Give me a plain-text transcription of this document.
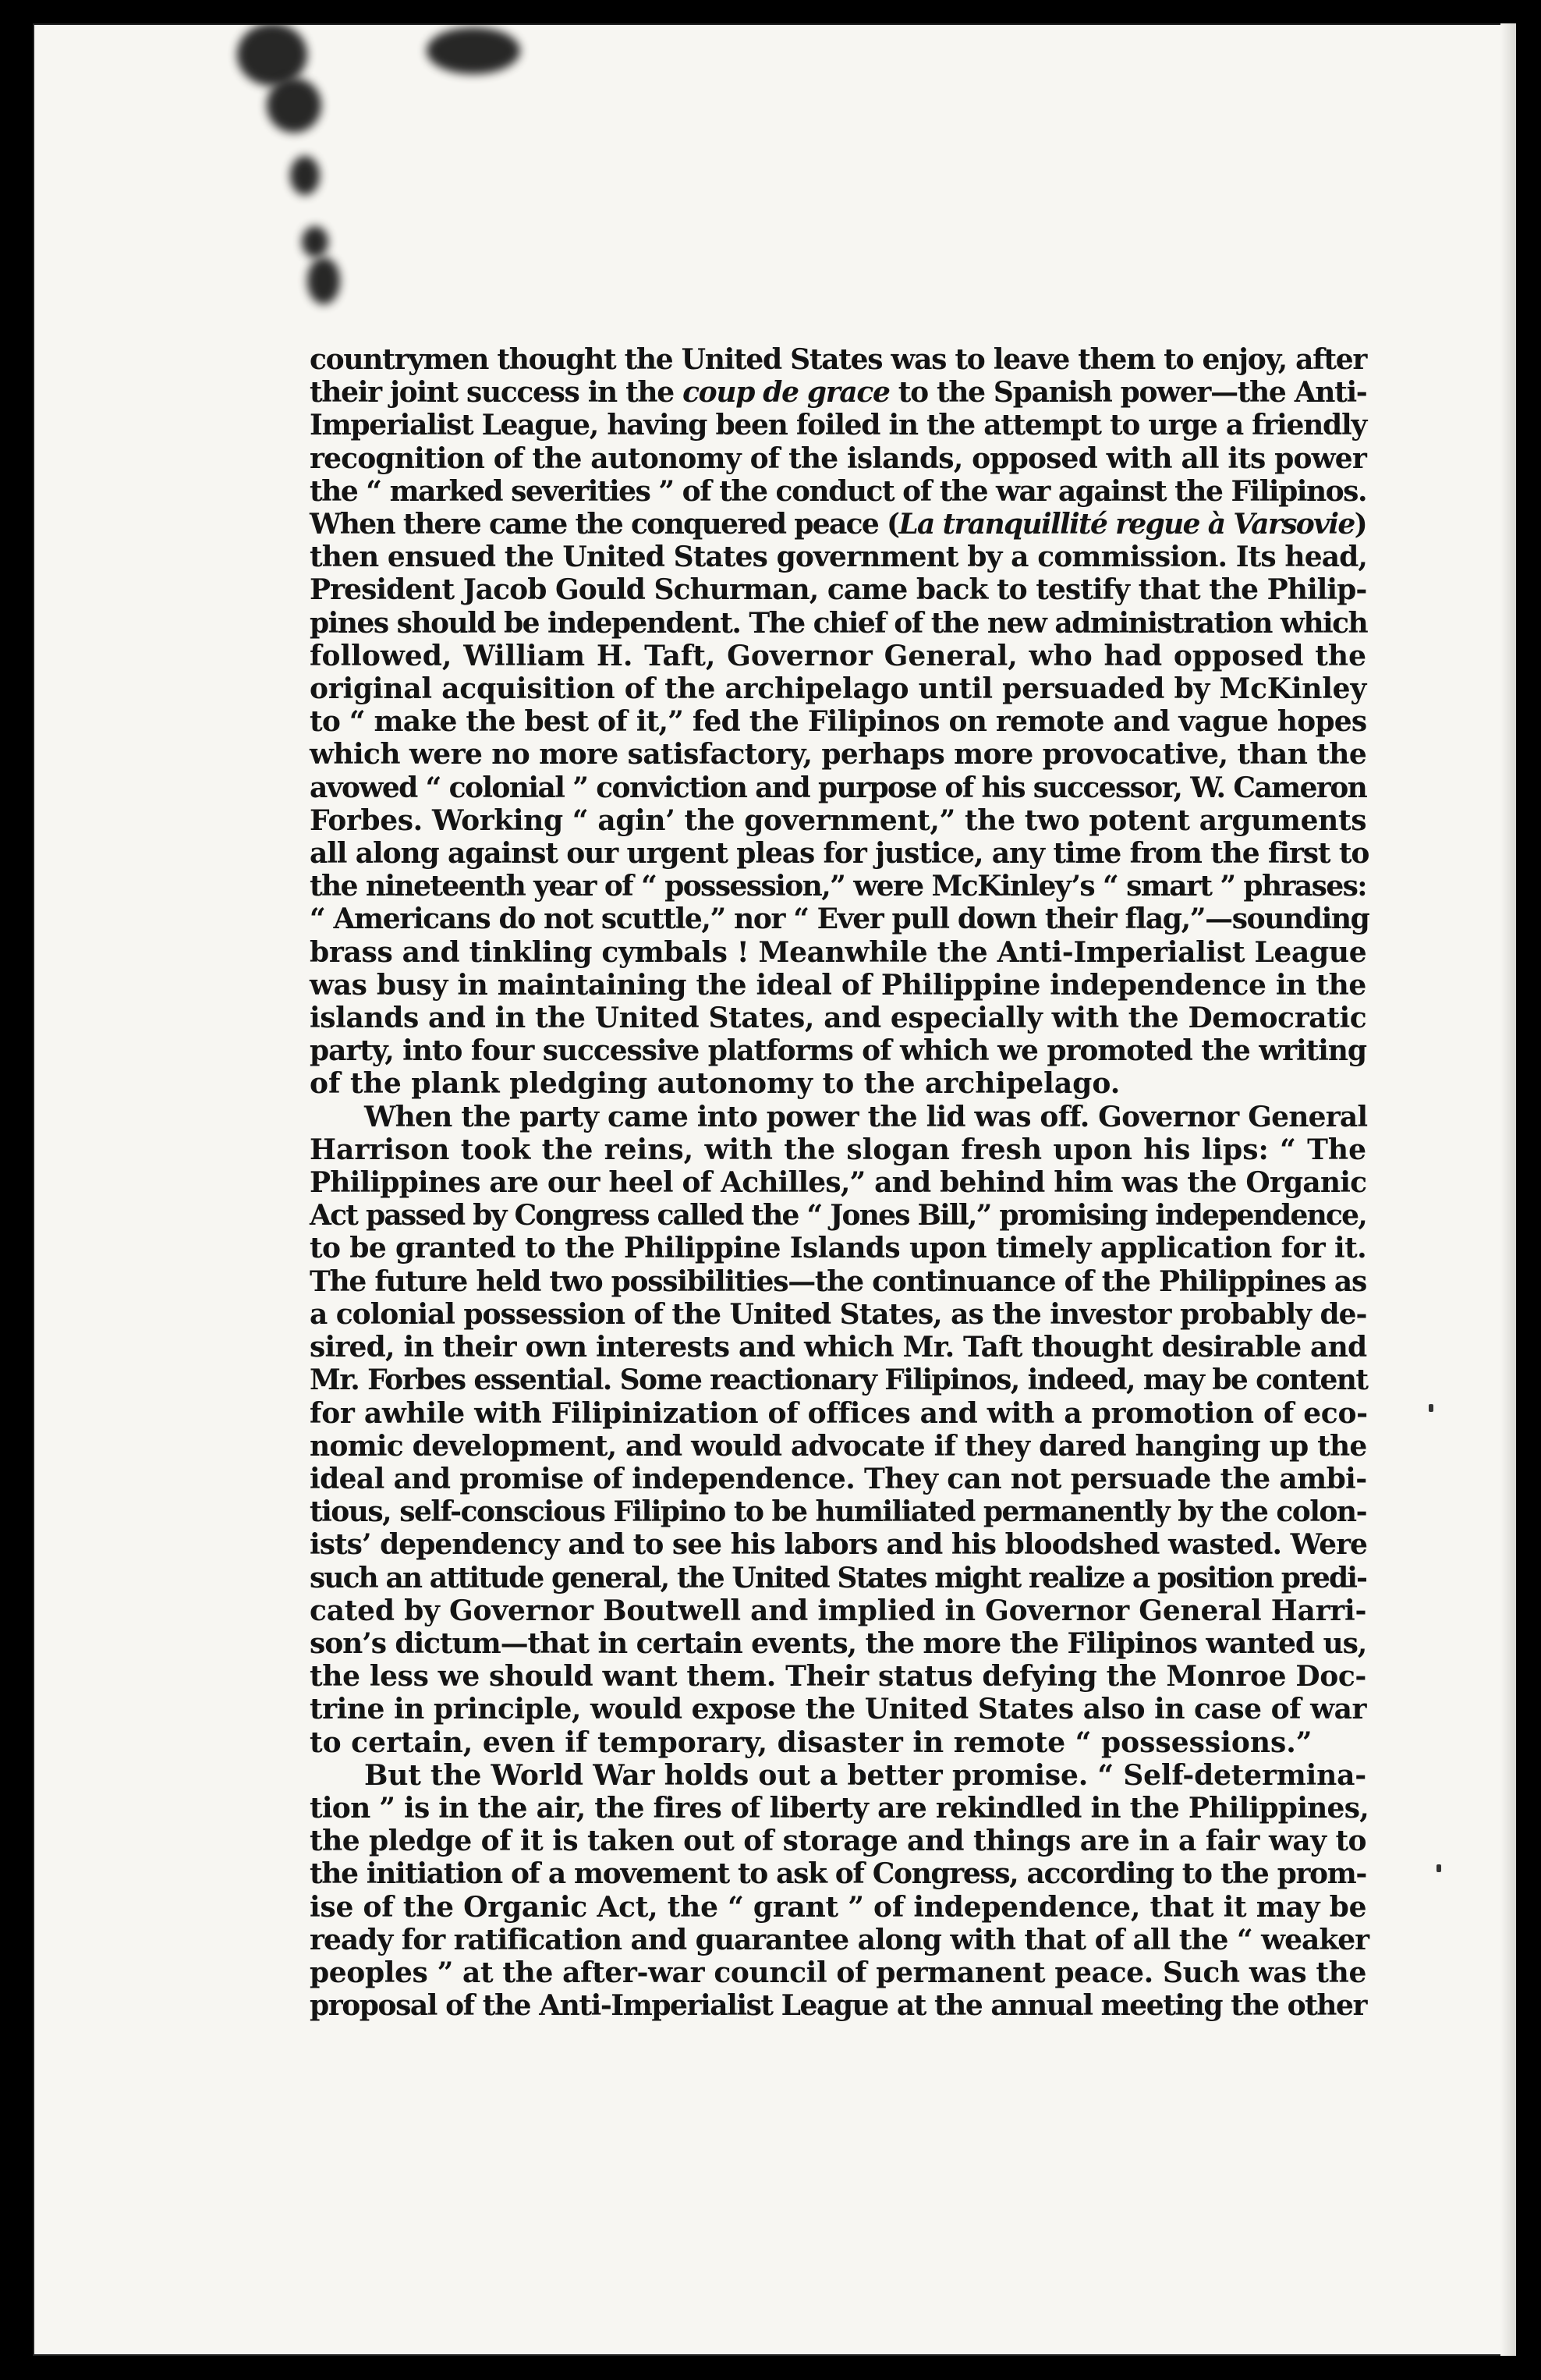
countrymen thought the United States was to leave them to enjoy, after
their joint success in the coup de grace to the Spanish power—the Anti-
Imperialist League, having been foiled in the attempt to urge a friendly
recognition of the autonomy of the islands, opposed with all its power
the “ marked severities ” of the conduct of the war against the Filipinos.
When there came the conquered peace (La tranquillité regue à Varsovie)
then ensued the United States government by a commission. Its head,
President Jacob Gould Schurman, came back to testify that the Philip-
pines should be independent. The chief of the new administration which
followed, William H. Taft, Governor General, who had opposed the
original acquisition of the archipelago until persuaded by McKinley
to “ make the best of it,” fed the Filipinos on remote and vague hopes
which were no more satisfactory, perhaps more provocative, than the
avowed “ colonial ” conviction and purpose of his successor, W. Cameron
Forbes. Working “ agin’ the government,” the two potent arguments
all along against our urgent pleas for justice, any time from the first to
the nineteenth year of “ possession,” were McKinley’s “ smart ” phrases:
“ Americans do not scuttle,” nor “ Ever pull down their flag,”—sounding
brass and tinkling cymbals ! Meanwhile the Anti-Imperialist League
was busy in maintaining the ideal of Philippine independence in the
islands and in the United States, and especially with the Democratic
party, into four successive platforms of which we promoted the writing
of the plank pledging autonomy to the archipelago.
When the party came into power the lid was off. Governor General
Harrison took the reins, with the slogan fresh upon his lips: “ The
Philippines are our heel of Achilles,” and behind him was the Organic
Act passed by Congress called the “ Jones Bill,” promising independence,
to be granted to the Philippine Islands upon timely application for it.
The future held two possibilities—the continuance of the Philippines as
a colonial possession of the United States, as the investor probably de-
sired, in their own interests and which Mr. Taft thought desirable and
Mr. Forbes essential. Some reactionary Filipinos, indeed, may be content
for awhile with Filipinization of offices and with a promotion of eco-
nomic development, and would advocate if they dared hanging up the
ideal and promise of independence. They can not persuade the ambi-
tious, self-conscious Filipino to be humiliated permanently by the colon-
ists’ dependency and to see his labors and his bloodshed wasted. Were
such an attitude general, the United States might realize a position predi-
cated by Governor Boutwell and implied in Governor General Harri-
son’s dictum—that in certain events, the more the Filipinos wanted us,
the less we should want them. Their status defying the Monroe Doc-
trine in principle, would expose the United States also in case of war
to certain, even if temporary, disaster in remote “ possessions.”
But the World War holds out a better promise. “ Self-determina-
tion ” is in the air, the fires of liberty are rekindled in the Philippines,
the pledge of it is taken out of storage and things are in a fair way to
the initiation of a movement to ask of Congress, according to the prom-
ise of the Organic Act, the “ grant ” of independence, that it may be
ready for ratification and guarantee along with that of all the “ weaker
peoples ” at the after-war council of permanent peace. Such was the
proposal of the Anti-Imperialist League at the annual meeting the other
